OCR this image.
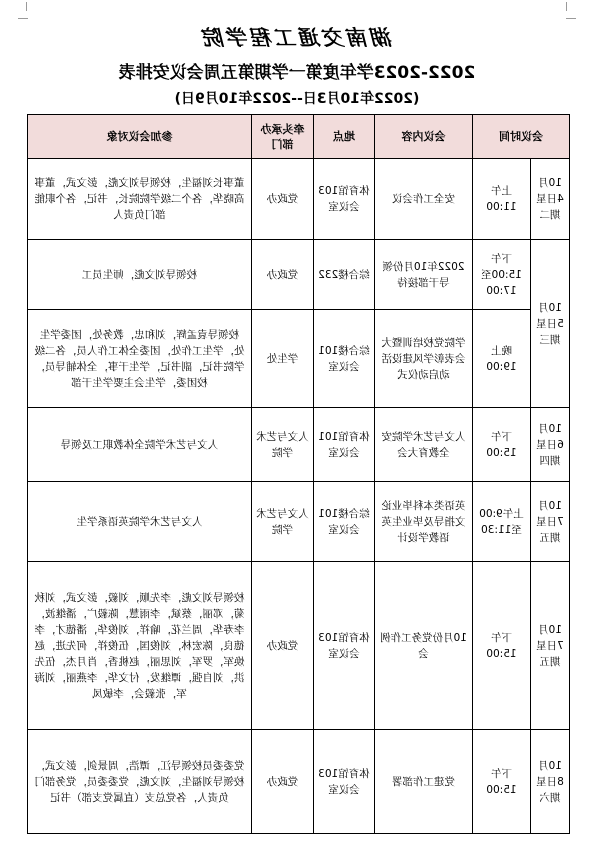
湖南交通工程学院
2022-2023学年度第一学期第五周会议安排表
(2022年10月3日--2022年10月9日)
会议时间		会议内容	地点	牵头承办部门	参加会议对象
10月4日星期二	上午11:00	安全工作会议	体育馆103会议室	党政办	董事长刘福生，校领导刘文彪，彭文武，董事高晓华，各个二级学院院长，书记，各个职能部门负责人
10月5日星期三	下午15:00至17:00	2022年10月份领导干部接待	综合楼232	党政办	校领导刘文彪，师生员工
	晚上19:00	学院党校培训暨大会表彰学风建设活动启动仪式	综合楼101会议室	学生处	校领导袁孟辉，刘和忠，教务处，团委学生处，学生工作处，团委全体工作人员，各二级学院书记，副书记，学生干事，全体辅导员，校团委，学生会主要学生干部
10月6日星期四	下午15:00	人文与艺术学院安全教育大会	体育馆101会议室	人文与艺术学院	人文与艺术学院全体教职工及领导
10月7日星期五	上午9:00至11:30	英语类本科毕业论文指导及毕业生英语教学设计	综合楼101会议室	人文与艺术学院	人文与艺术学院英语系学生
10月7日星期五	下午15:00	10月份党务工作例会	体育馆103会议室	党政办	校领导刘文彪，李先顺，刘毅，彭文武，刘秋菊，邓丽，蔡斌，李雨慧，陈毅广，潘继波，李寿华，周兰花，喻祥，刘俊华，潘德才，李德良，陈宏林，刘俊国，伍俊祥，何先进，赵焕军，罗军，刘思丽，赵桃香，肖月杰，伍先洪，刘自强，谭继发，付文华，李燕丽，刘海军，张毅会，李敏凤
10月8日星期六	下午15:00	党建工作部署	体育馆103会议室	党政办	党委委员校领导江，谭浩，周景剑，彭文武，校领导刘福生，刘文彪，党委委员，党务部门负责人，各党总支（直属党支部）书记
